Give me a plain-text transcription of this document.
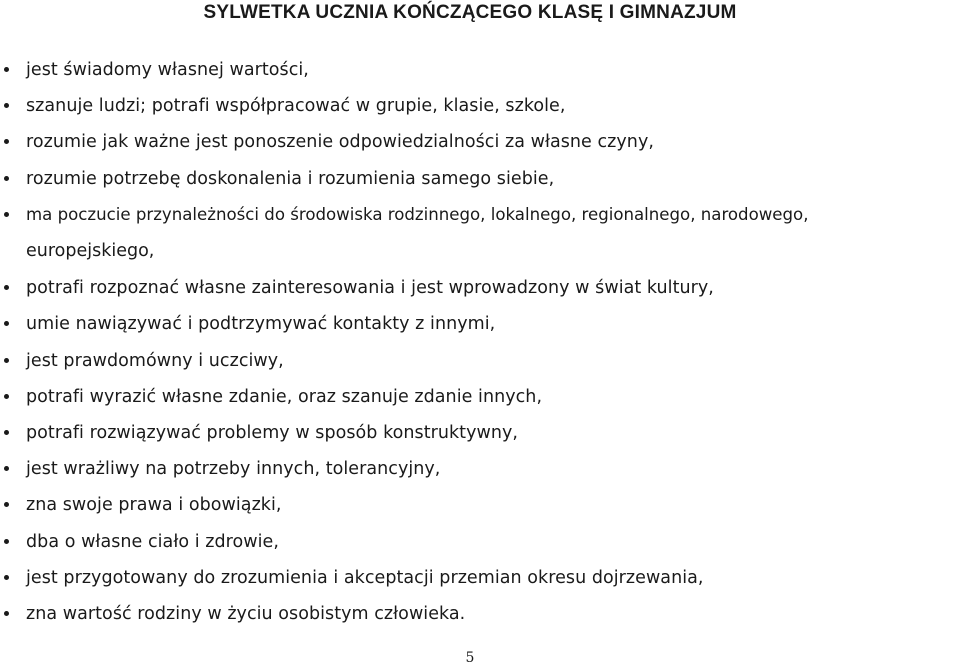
SYLWETKA UCZNIA KOŃCZĄCEGO KLASĘ I GIMNAZJUM
jest świadomy własnej wartości,
szanuje ludzi; potrafi współpracować w grupie, klasie, szkole,
rozumie jak ważne jest ponoszenie odpowiedzialności za własne czyny,
rozumie potrzebę doskonalenia i rozumienia samego siebie,
ma poczucie przynależności do środowiska rodzinnego, lokalnego, regionalnego, narodowego,
europejskiego,
potrafi rozpoznać własne zainteresowania i jest wprowadzony w świat kultury,
umie nawiązywać i podtrzymywać kontakty z innymi,
jest prawdomówny i uczciwy,
potrafi wyrazić własne zdanie, oraz szanuje zdanie innych,
potrafi rozwiązywać problemy w sposób konstruktywny,
jest wrażliwy na potrzeby innych, tolerancyjny,
zna swoje prawa i obowiązki,
dba o własne ciało i zdrowie,
jest przygotowany do zrozumienia i akceptacji przemian okresu dojrzewania,
zna wartość rodziny w życiu osobistym człowieka.
5
